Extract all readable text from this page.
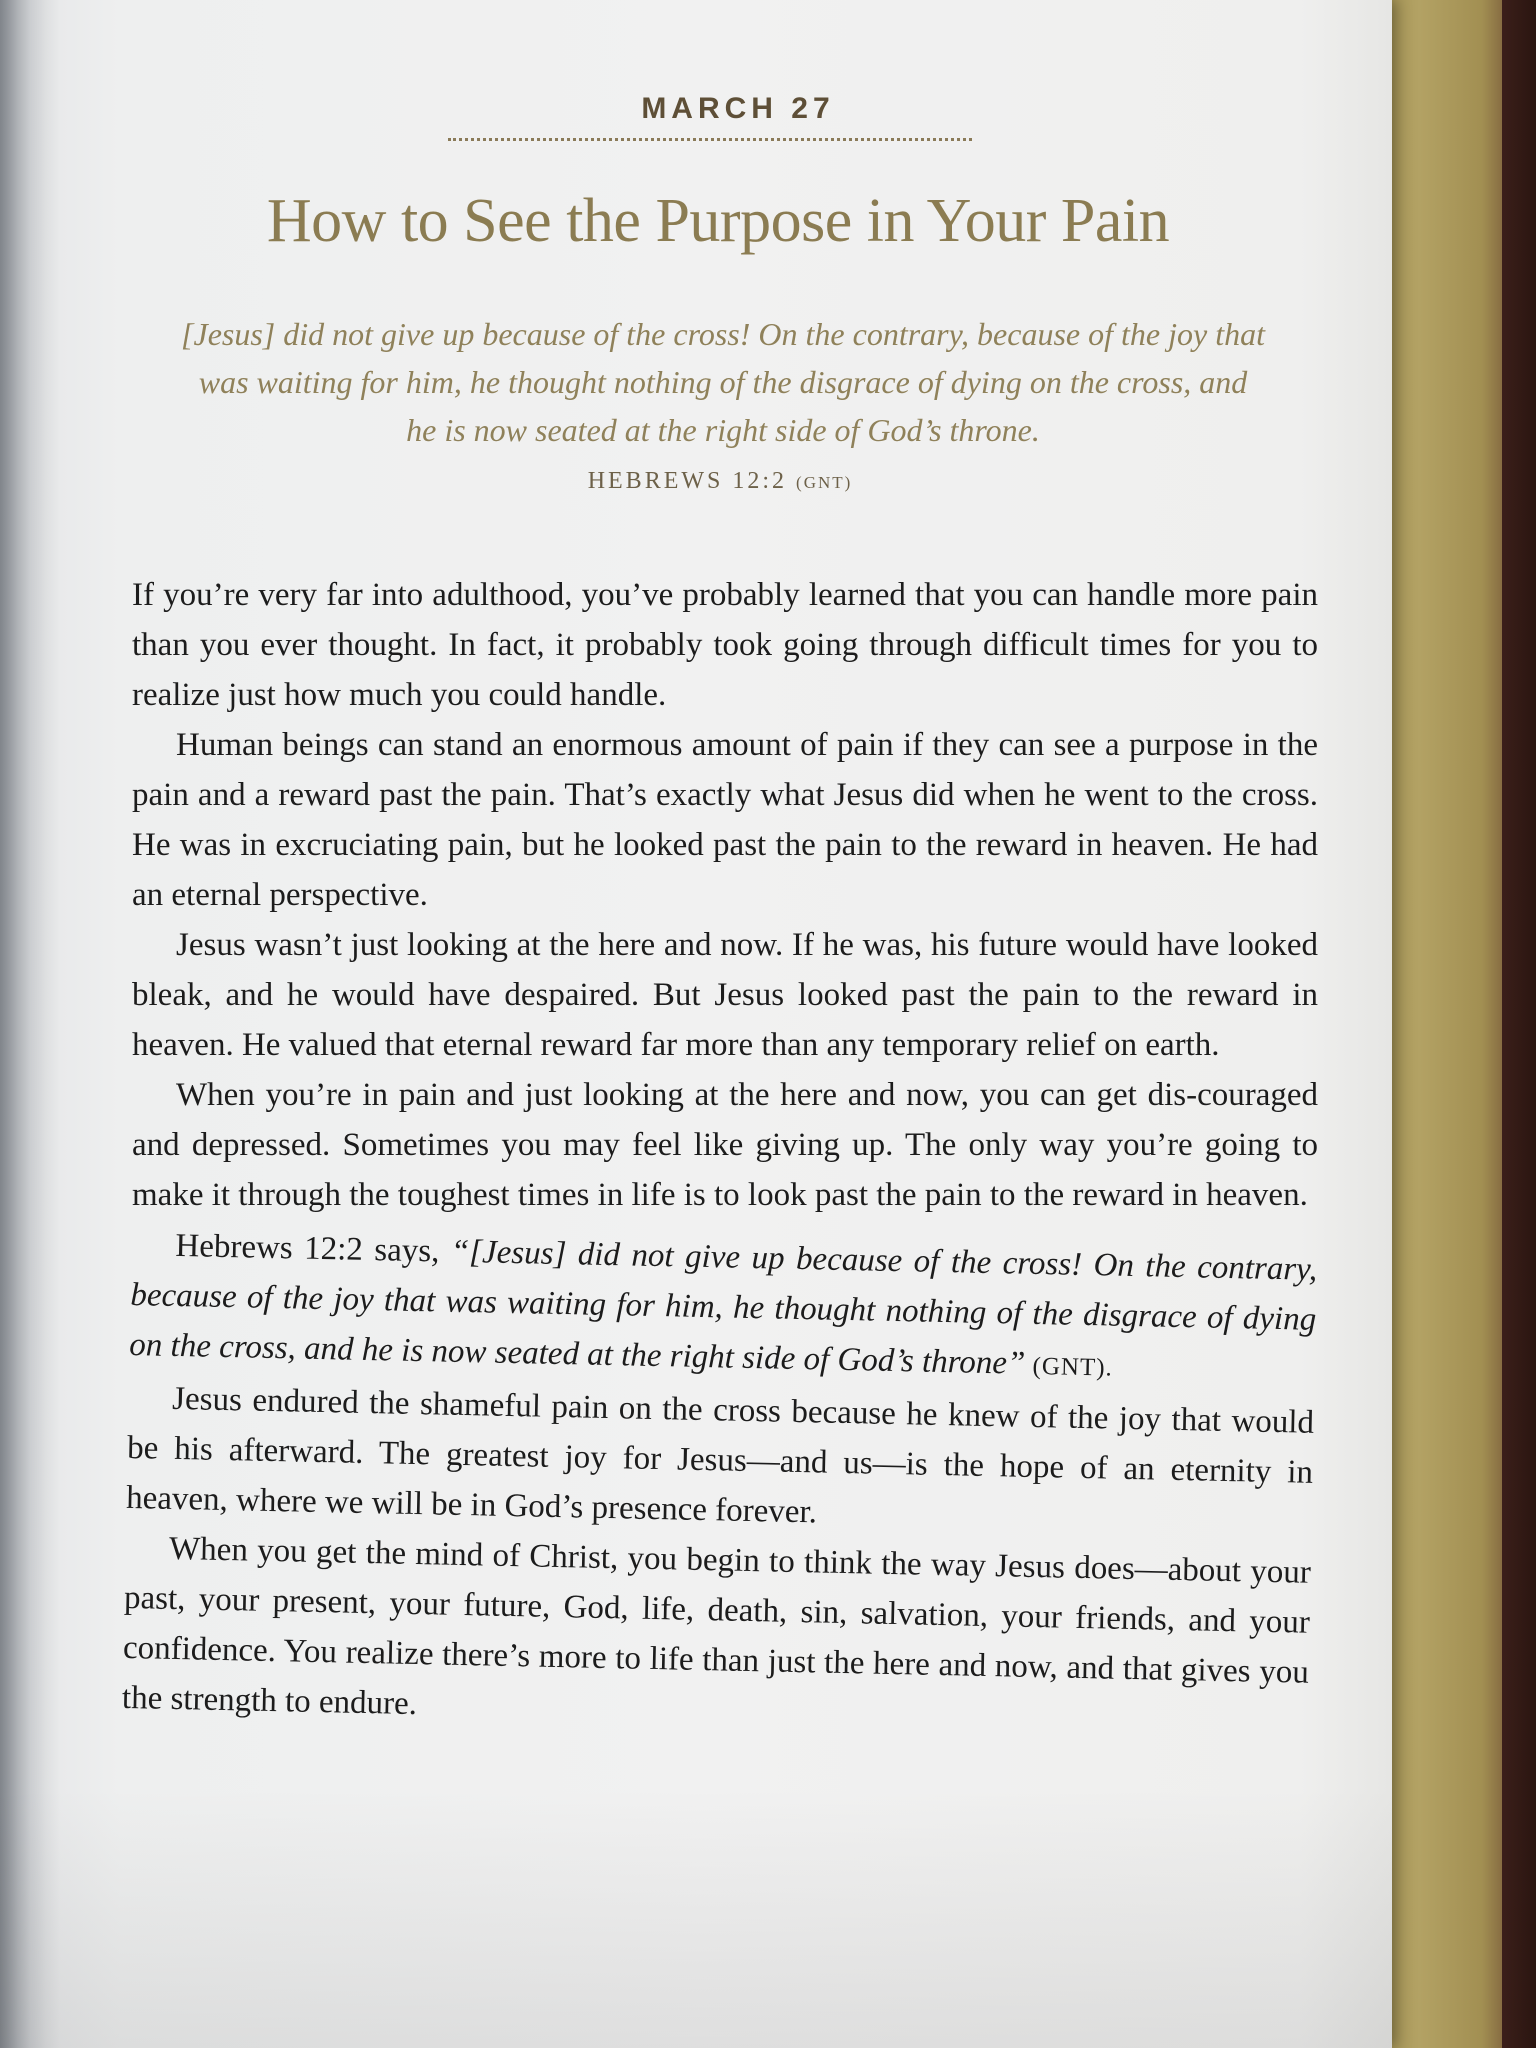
MARCH 27
How to See the Purpose in Your Pain
[Jesus] did not give up because of the cross! On the contrary, because of the joy that was waiting for him, he thought nothing of the disgrace of dying on the cross, and he is now seated at the right side of God’s throne.
HEBREWS 12:2 (GNT)

If you’re very far into adulthood, you’ve probably learned that you can handle more pain than you ever thought. In fact, it probably took going through difficult times for you to realize just how much you could handle.

Human beings can stand an enormous amount of pain if they can see a purpose in the pain and a reward past the pain. That’s exactly what Jesus did when he went to the cross. He was in excruciating pain, but he looked past the pain to the reward in heaven. He had an eternal perspective.

Jesus wasn’t just looking at the here and now. If he was, his future would have looked bleak, and he would have despaired. But Jesus looked past the pain to the reward in heaven. He valued that eternal reward far more than any temporary relief on earth.

When you’re in pain and just looking at the here and now, you can get dis-couraged and depressed. Sometimes you may feel like giving up. The only way you’re going to make it through the toughest times in life is to look past the pain to the reward in heaven.

Hebrews 12:2 says, “[Jesus] did not give up because of the cross! On the contrary, because of the joy that was waiting for him, he thought nothing of the disgrace of dying on the cross, and he is now seated at the right side of God’s throne” (GNT).

Jesus endured the shameful pain on the cross because he knew of the joy that would be his afterward. The greatest joy for Jesus—and us—is the hope of an eternity in heaven, where we will be in God’s presence forever.

When you get the mind of Christ, you begin to think the way Jesus does—about your past, your present, your future, God, life, death, sin, salvation, your friends, and your confidence. You realize there’s more to life than just the here and now, and that gives you the strength to endure.
